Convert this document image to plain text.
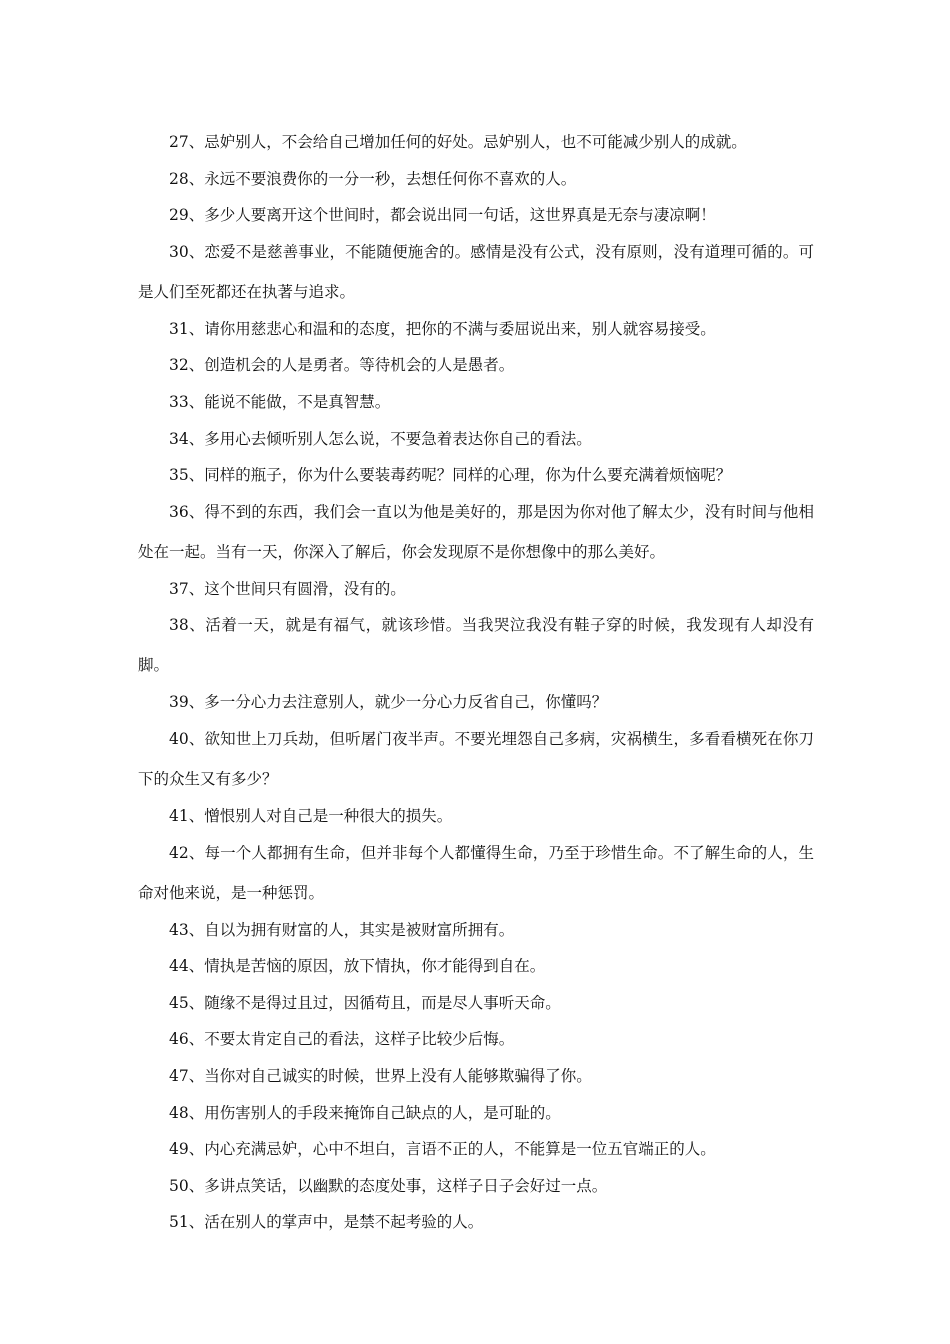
27、忌妒别人，不会给自己增加任何的好处。忌妒别人，也不可能减少别人的成就。

28、永远不要浪费你的一分一秒，去想任何你不喜欢的人。

29、多少人要离开这个世间时，都会说出同一句话，这世界真是无奈与凄凉啊！

30、恋爱不是慈善事业，不能随便施舍的。感情是没有公式，没有原则，没有道理可循的。可是人们至死都还在执著与追求。

31、请你用慈悲心和温和的态度，把你的不满与委屈说出来，别人就容易接受。

32、创造机会的人是勇者。等待机会的人是愚者。

33、能说不能做，不是真智慧。

34、多用心去倾听别人怎么说，不要急着表达你自己的看法。

35、同样的瓶子，你为什么要装毒药呢？同样的心理，你为什么要充满着烦恼呢？

36、得不到的东西，我们会一直以为他是美好的，那是因为你对他了解太少，没有时间与他相处在一起。当有一天，你深入了解后，你会发现原不是你想像中的那么美好。

37、这个世间只有圆滑，没有的。

38、活着一天，就是有福气，就该珍惜。当我哭泣我没有鞋子穿的时候，我发现有人却没有脚。

39、多一分心力去注意别人，就少一分心力反省自己，你懂吗？

40、欲知世上刀兵劫，但听屠门夜半声。不要光埋怨自己多病，灾祸横生，多看看横死在你刀下的众生又有多少？

41、憎恨别人对自己是一种很大的损失。

42、每一个人都拥有生命，但并非每个人都懂得生命，乃至于珍惜生命。不了解生命的人，生命对他来说，是一种惩罚。

43、自以为拥有财富的人，其实是被财富所拥有。

44、情执是苦恼的原因，放下情执，你才能得到自在。

45、随缘不是得过且过，因循苟且，而是尽人事听天命。

46、不要太肯定自己的看法，这样子比较少后悔。

47、当你对自己诚实的时候，世界上没有人能够欺骗得了你。

48、用伤害别人的手段来掩饰自己缺点的人，是可耻的。

49、内心充满忌妒，心中不坦白，言语不正的人，不能算是一位五官端正的人。

50、多讲点笑话，以幽默的态度处事，这样子日子会好过一点。

51、活在别人的掌声中，是禁不起考验的人。
